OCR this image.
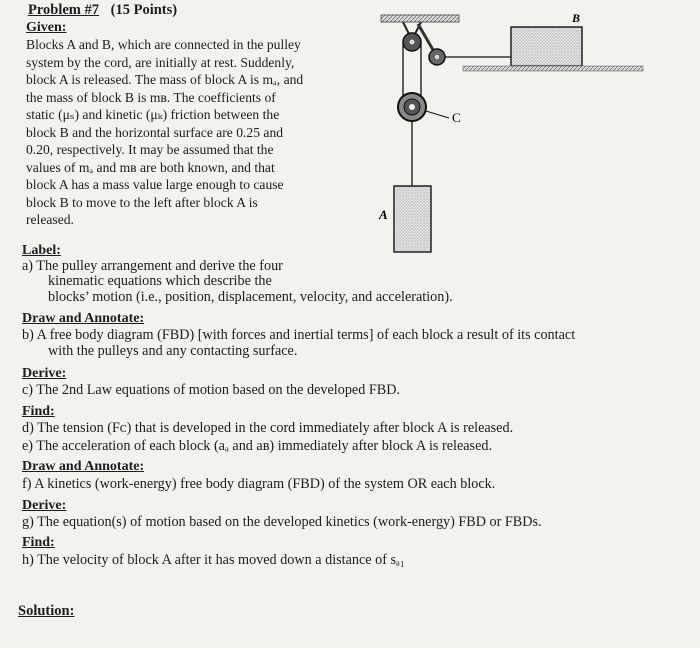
Problem #7 (15 Points)
Given:
Blocks A and B, which are connected in the pulley
system by the cord, are initially at rest. Suddenly,
block A is released. The mass of block A is mₐ, and
the mass of block B is mʙ. The coefficients of
static (μₛ) and kinetic (μₖ) friction between the
block B and the horizontal surface are 0.25 and
0.20, respectively. It may be assumed that the
values of mₐ and mʙ are both known, and that
block A has a mass value large enough to cause
block B to move to the left after block A is
released.
C
A
B
Label:
a) The pulley arrangement and derive the four
kinematic equations which describe the
blocks’ motion (i.e., position, displacement, velocity, and acceleration).
Draw and Annotate:
b) A free body diagram (FBD) [with forces and inertial terms] of each block a result of its contact
with the pulleys and any contacting surface.
Derive:
c) The 2nd Law equations of motion based on the developed FBD.
Find:
d) The tension (Fᴄ) that is developed in the cord immediately after block A is released.
e) The acceleration of each block (aₐ and aʙ) immediately after block A is released.
Draw and Annotate:
f) A kinetics (work-energy) free body diagram (FBD) of the system OR each block.
Derive:
g) The equation(s) of motion based on the developed kinetics (work-energy) FBD or FBDs.
Find:
h) The velocity of block A after it has moved down a distance of sₐ₁
Solution:
